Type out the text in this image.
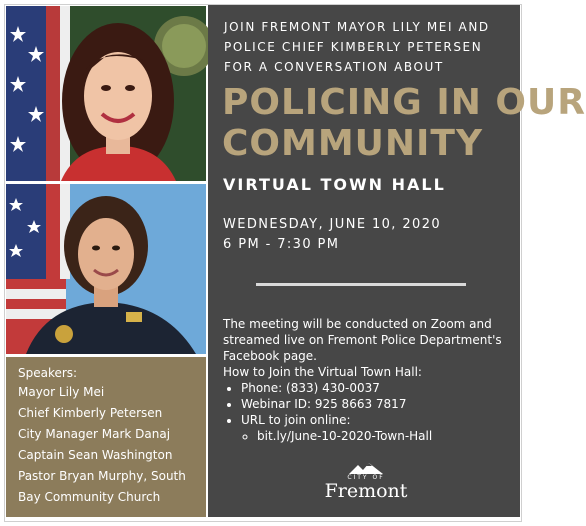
Speakers:
Mayor Lily Mei
Chief Kimberly Petersen
City Manager Mark Danaj
Captain Sean Washington
Pastor Bryan Murphy, South
Bay Community Church
JOIN FREMONT MAYOR LILY MEI AND POLICE CHIEF KIMBERLY PETERSEN FOR A CONVERSATION ABOUT
POLICING IN OUR
COMMUNITY
VIRTUAL TOWN HALL
WEDNESDAY, JUNE 10, 2020
6 PM - 7:30 PM

The meeting will be conducted on Zoom and streamed live on Fremont Police Department's Facebook page.

How to Join the Virtual Town Hall:

• Phone: (833) 430-0037
• Webinar ID: 925 8663 7817
• URL to join online:
◦ bit.ly/June-10-2020-Town-Hall
CITY OF
Fremont
